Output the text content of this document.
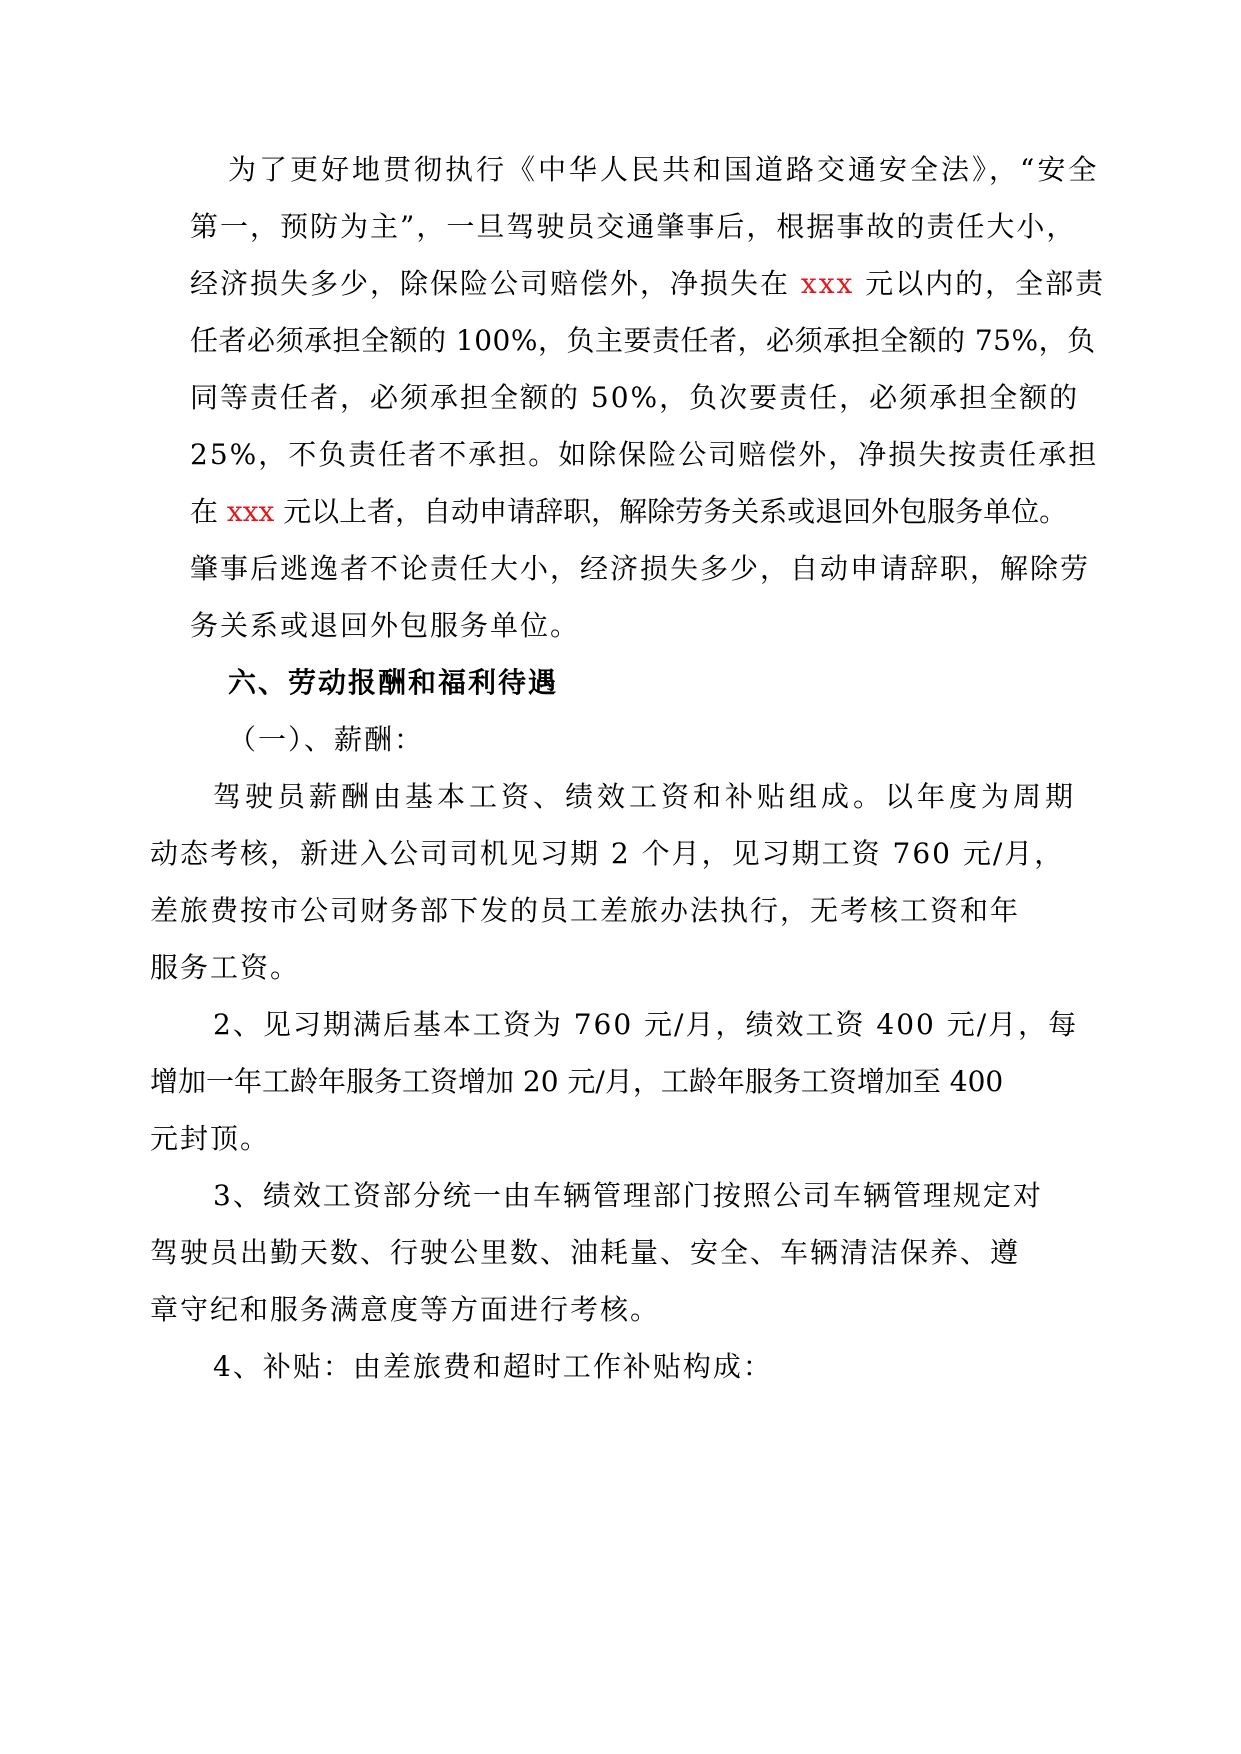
为了更好地贯彻执行《中华人民共和国道路交通安全法》，“安全
第一，预防为主”，一旦驾驶员交通肇事后，根据事故的责任大小，
经济损失多少，除保险公司赔偿外，净损失在 xxx 元以内的，全部责
任者必须承担全额的 100%，负主要责任者，必须承担全额的 75%，负
同等责任者，必须承担全额的 50%，负次要责任，必须承担全额的
25%，不负责任者不承担。如除保险公司赔偿外，净损失按责任承担
在 xxx 元以上者，自动申请辞职，解除劳务关系或退回外包服务单位。
肇事后逃逸者不论责任大小，经济损失多少，自动申请辞职，解除劳
务关系或退回外包服务单位。
六、劳动报酬和福利待遇
（一）、薪酬：
驾驶员薪酬由基本工资、绩效工资和补贴组成。以年度为周期
动态考核，新进入公司司机见习期 2 个月，见习期工资 760 元/月，
差旅费按市公司财务部下发的员工差旅办法执行，无考核工资和年
服务工资。
2、见习期满后基本工资为 760 元/月，绩效工资 400 元/月，每
增加一年工龄年服务工资增加 20 元/月，工龄年服务工资增加至 400
元封顶。
3、绩效工资部分统一由车辆管理部门按照公司车辆管理规定对
驾驶员出勤天数、行驶公里数、油耗量、安全、车辆清洁保养、遵
章守纪和服务满意度等方面进行考核。
4、补贴：由差旅费和超时工作补贴构成：
